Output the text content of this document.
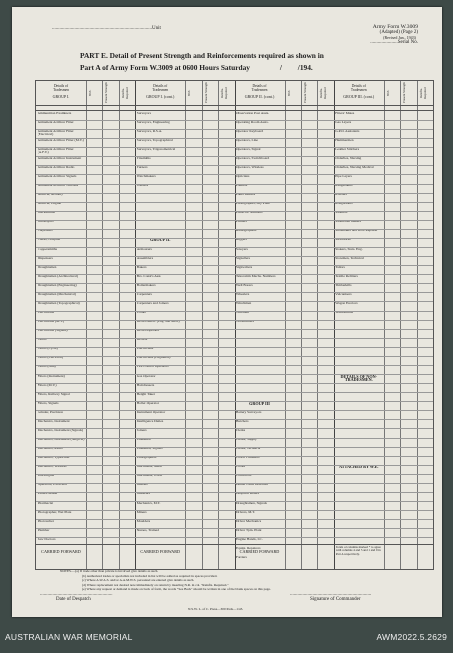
................................................................................Unit	Army Form W.3009
(Adapted) (Page 2)
(Revised Jan., 1943)
......................Serial No.
PART E. Detail of Present Strength and Reinforcements required as shown in
Part A of Army Form W.3009 at 0600 Hours Saturday	/ /194.
Details of Tradesmen
GROUP I.
W.E.	Present Strength	Reinfts. Required
Ammunition Examiners
Armament Artificer Fitter
Armament Artificer Fitter (Electrical)
Armament Artificer Fitter (M.V.)
Armament Artificer Fitter (A.F.V.)
Armament Artificer Instrument
Armament Artificer Radio
Armament Artificer Signals
Armament Artificer Wireless
Artificer, Artillery
Artificer, Engine
Blacksmiths
Bricklayers
Carpenters
Clerks, Hospital
Coppersmiths
Dispensers
Draughtsmen
Draughtsmen (Architectural)
Draughtsmen (Engineering)
Draughtsmen (Mechanical)
Draughtsmen (Topographical)
Electricians
Electricians (M.V.)
Electricians (Signals)
Fitters
Fitters (Cycle)
Fitters (Electrical)
Fitters (Gun)
Fitters (Instrument)
Fitters (M.V.)
Fitters, Railway Signal
Fitters, Signals
Grinder, Precision
Mechanics, Instrument
Mechanics, Instrument (Signals)
Mechanics, Instrument (Surgical)
Mechanics, Radio
Mechanics, Typewriter
Mechanics, Wireless
Millwrights
Operators, Excavator
Pattern Maker
Pharmacist
Photographer, Wet Plate
Photowriter
Plumber
Saw Doctors
CARRIED FORWARD
Details of Tradesmen
GROUP I. (cont.)
W.E.	Present Strength	Reinfts. Required
Surveyors
Surveyors, Engineering
Surveyors, R.S.A.
Surveyors, Topographical
Surveyors, Trigonometrical
Tinsmiths
Turners
Watchmakers
Welders
GROUP II.
Armourers
Assemblers
Bakers
Brs. Const's Asst.
Boilermakers
Carpenters
Carpenters and Joiners
Cooks
Driver-Mech. (Eng. and Med.)
Driver-Operator
Drivers
Electricians
Electricians (Engineers)
Fire Control Operators
Gas Operator
Hairdressers
Height Taker
Holler Operator
Instrument Operator
Intelligence Duties
Joiners
Linesmen
Linesmen, Signals
Lithographers
Machinists, Metal
Machinists, Wood
Masons
Masseurs
Mechanics, M.T.
Miners
Moulders
Nurses, Trained
CARRIED FORWARD
Details of Tradesmen
GROUP II. (cont.)
W.E.	Present Strength	Reinfts. Required
Observation Post Assts.
Operating Room Assts.
Operator Keyboard
Operators, Line
Operators, Signal
Operators, Switchboard
Operators, Wireless
Opticians
Painters
Panel Beaters
Photographer, Dry Plate
Predictor Numbers
Printers
Radiographers
Riggers
Sawyers
Signallers
Signwriters
Telecomm Mechs. Numbers
Well Borers
Wheelers
Winchmen
Wiremen
Woodturners
GROUP III
Battery Surveyors
Butchers
Clerks
Clerks, Supply
Clerks, Technical
Coach Trimmers
Cooks
Concretors
Dental Clerk Orderlies
Despatch Riders
Draughtsmen, Signals
Drivers, M.T.
Driver Mechanics
Driver Tptn. Plant
Engine Hands, I.C.
Equipt. Repairers
Farriers
CARRIED FORWARD
Details of Tradesmen
GROUP III. (cont.)
W.E.	Present Strength	Reinfts. Required
Fitters' Mates
Gas Layers
G.P.O. Assistants
Hammermen
Leather Stitchers
Orderlies, Nursing
Orderlies, Nursing Medical
Pipe Layers
Rangetakers
Riveters
Roughriders
Saddlers
Saddletree makers
Shoemaker and Boot Repairer
Stevedores
Stokers, Stats. Eng.
Storemen, Technical
Tailors
Textile Refitters
Timberkills
Vulcanisers
Wagon Erectors
Whitesmiths
DETAILS OF NON-TRADESMEN.
ATTACHED BY W.E.
Totals of columns marked * to agree with columns 4 and 5 and 1 and 9 in Part A respectively.
NOTES.—(a) If trade other than private is involved give details as such.
(b) Authorized trades or specialists not included in list will be added as required in spaces provided.
(c) Where A.W.A.S. and/or A.A.M.W.S. personnel are entered give details as such.
(d) Where replacement not desired note immediately on return by inserting N.R. in col. "Reinfts. Required."
(e) Where any request or demand is made on back of form, the words "See Back" should be written in one of the blank spaces on this page.
..........................................................
Date of Despatch
.................................................................
Signature of Commander
N.S.W. L. of C. Press—300 Pads—1/43.
AUSTRALIAN WAR MEMORIAL	AWM2022.5.2629
